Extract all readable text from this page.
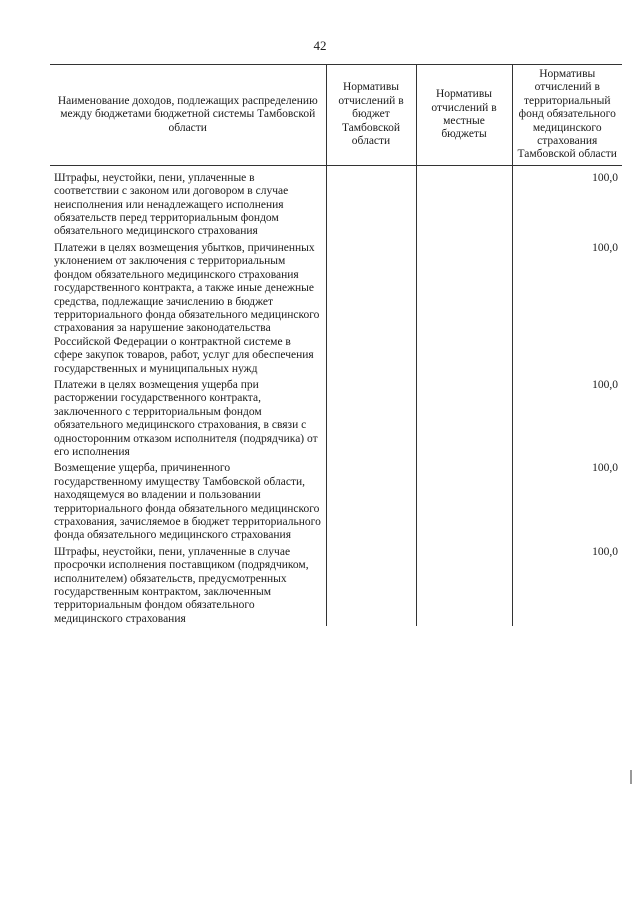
42
Наименование доходов, подлежащих распределению между бюджетами бюджетной системы Тамбовской области	Нормативы отчислений в бюджет Тамбовской области	Нормативы отчислений в местные бюджеты	Нормативы отчислений в территориальный фонд обязательного медицинского страхования Тамбовской области
Штрафы, неустойки, пени, уплаченные в соответствии с законом или договором в случае неисполнения или ненадлежащего исполнения обязательств перед территориальным фондом обязательного медицинского страхования			100,0
Платежи в целях возмещения убытков, причиненных уклонением от заключения с территориальным фондом обязательного медицинского страхования государственного контракта, а также иные денежные средства, подлежащие зачислению в бюджет территориального фонда обязательного медицинского страхования за нарушение законодательства Российской Федерации о контрактной системе в сфере закупок товаров, работ, услуг для обеспечения государственных и муниципальных нужд			100,0
Платежи в целях возмещения ущерба при расторжении государственного контракта, заключенного с территориальным фондом обязательного медицинского страхования, в связи с односторонним отказом исполнителя (подрядчика) от его исполнения			100,0
Возмещение ущерба, причиненного государственному имуществу Тамбовской области, находящемуся во владении и пользовании территориального фонда обязательного медицинского страхования, зачисляемое в бюджет территориального фонда обязательного медицинского страхования			100,0
Штрафы, неустойки, пени, уплаченные в случае просрочки исполнения поставщиком (подрядчиком, исполнителем) обязательств, предусмотренных государственным контрактом, заключенным территориальным фондом обязательного медицинского страхования			100,0
